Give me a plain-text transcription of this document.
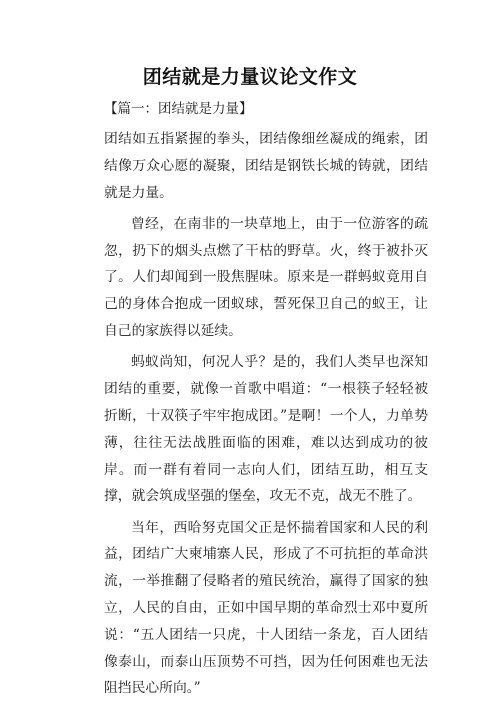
团结就是力量议论文作文
【篇一：团结就是力量】

团结如五指紧握的拳头，团结像细丝凝成的绳索，团结像万众心愿的凝聚，团结是钢铁长城的铸就，团结就是力量。

曾经，在南非的一块草地上，由于一位游客的疏忽，扔下的烟头点燃了干枯的野草。火，终于被扑灭了。人们却闻到一股焦腥味。原来是一群蚂蚁竟用自己的身体合抱成一团蚁球，誓死保卫自己的蚁王，让自己的家族得以延续。

蚂蚁尚知，何况人乎？是的，我们人类早也深知团结的重要，就像一首歌中唱道：“一根筷子轻轻被折断，十双筷子牢牢抱成团。”是啊！一个人，力单势薄，往往无法战胜面临的困难，难以达到成功的彼岸。而一群有着同一志向人们，团结互助，相互支撑，就会筑成坚强的堡垒，攻无不克，战无不胜了。

当年，西哈努克国父正是怀揣着国家和人民的利益，团结广大柬埔寨人民，形成了不可抗拒的革命洪流，一举推翻了侵略者的殖民统治，赢得了国家的独立，人民的自由，正如中国早期的革命烈士邓中夏所说：“五人团结一只虎，十人团结一条龙，百人团结像泰山，而泰山压顶势不可挡，因为任何困难也无法阻挡民心所向。”
